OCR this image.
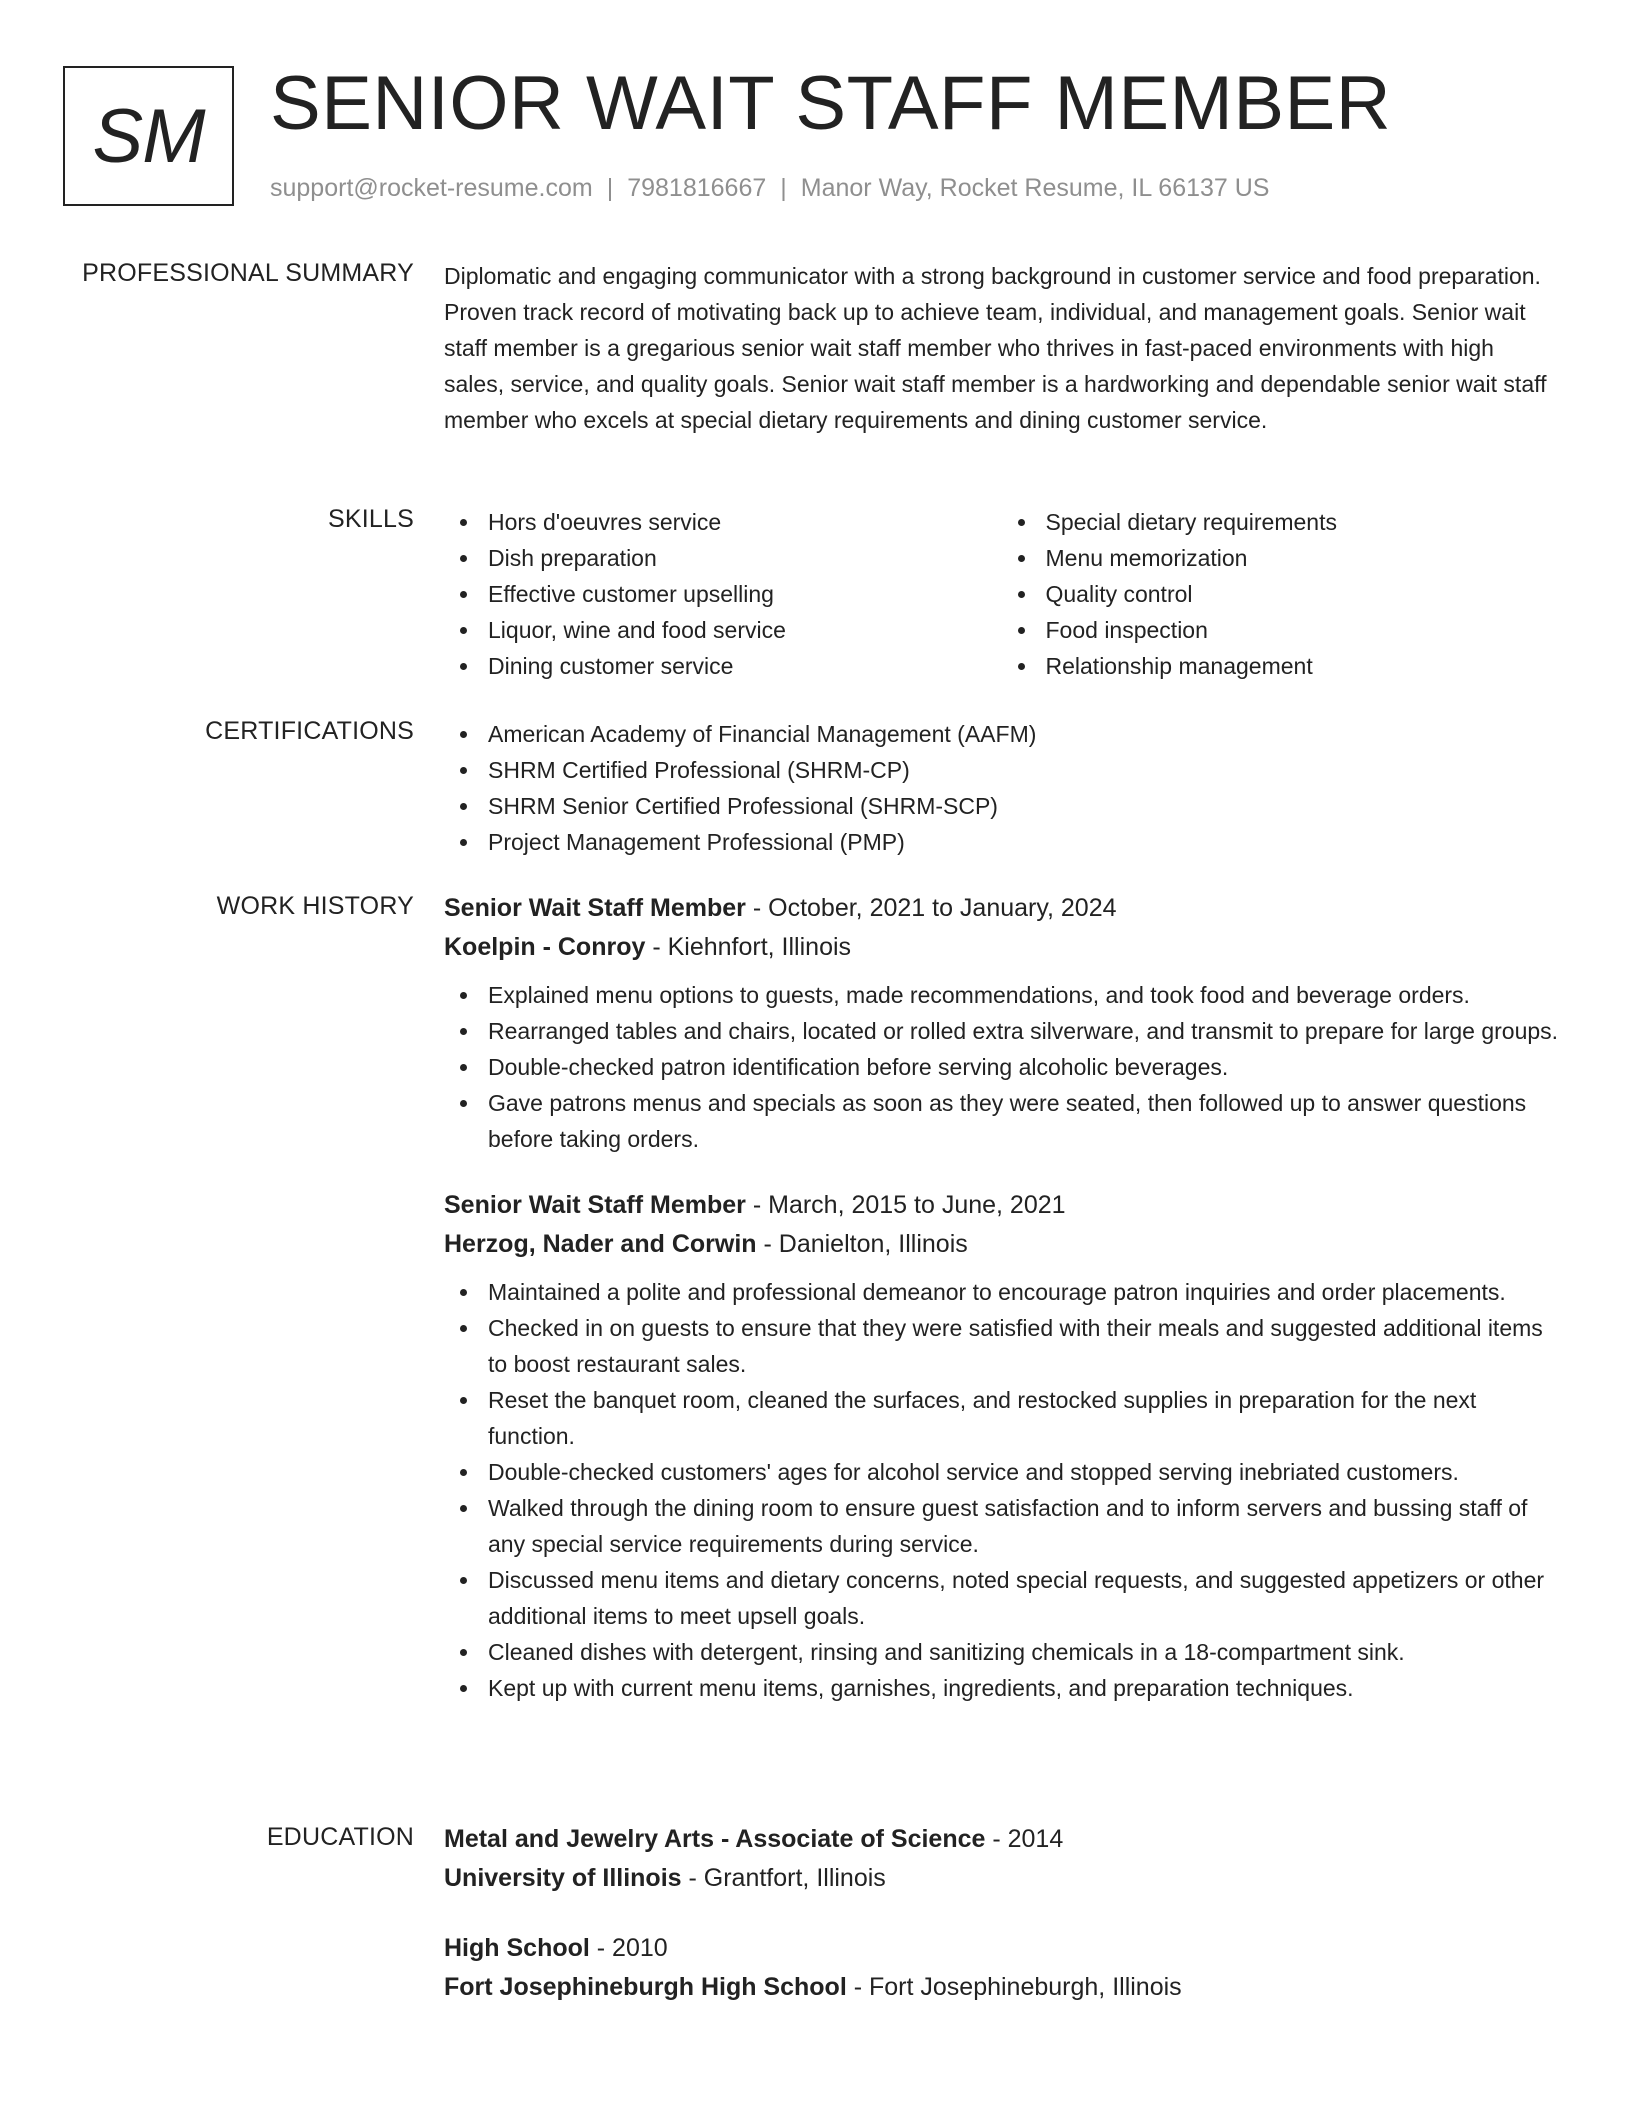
SM SENIOR WAIT STAFF MEMBER
support@rocket-resume.com | 7981816667 | Manor Way, Rocket Resume, IL 66137 US
PROFESSIONAL SUMMARY Diplomatic and engaging communicator with a strong background in customer service and food preparation. Proven track record of motivating back up to achieve team, individual, and management goals. Senior wait staff member is a gregarious senior wait staff member who thrives in fast-paced environments with high sales, service, and quality goals. Senior wait staff member is a hardworking and dependable senior wait staff member who excels at special dietary requirements and dining customer service.
SKILLS	Hors d'oeuvres service
Dish preparation
Effective customer upselling
Liquor, wine and food service
Dining customer service
Special dietary requirements
Menu memorization
Quality control
Food inspection
Relationship management
CERTIFICATIONS	American Academy of Financial Management (AAFM)
SHRM Certified Professional (SHRM-CP)
SHRM Senior Certified Professional (SHRM-SCP)
Project Management Professional (PMP)
WORK HISTORY Senior Wait Staff Member - October, 2021 to January, 2024
Koelpin - Conroy - Kiehnfort, Illinois
Explained menu options to guests, made recommendations, and took food and beverage orders.
Rearranged tables and chairs, located or rolled extra silverware, and transmit to prepare for large groups.
Double-checked patron identification before serving alcoholic beverages.
Gave patrons menus and specials as soon as they were seated, then followed up to answer questions before taking orders.
Senior Wait Staff Member - March, 2015 to June, 2021
Herzog, Nader and Corwin - Danielton, Illinois
Maintained a polite and professional demeanor to encourage patron inquiries and order placements.
Checked in on guests to ensure that they were satisfied with their meals and suggested additional items to boost restaurant sales.
Reset the banquet room, cleaned the surfaces, and restocked supplies in preparation for the next function.
Double-checked customers' ages for alcohol service and stopped serving inebriated customers.
Walked through the dining room to ensure guest satisfaction and to inform servers and bussing staff of any special service requirements during service.
Discussed menu items and dietary concerns, noted special requests, and suggested appetizers or other additional items to meet upsell goals.
Cleaned dishes with detergent, rinsing and sanitizing chemicals in a 18-compartment sink.
Kept up with current menu items, garnishes, ingredients, and preparation techniques.
EDUCATION Metal and Jewelry Arts - Associate of Science - 2014
University of Illinois - Grantfort, Illinois
High School - 2010
Fort Josephineburgh High School - Fort Josephineburgh, Illinois
